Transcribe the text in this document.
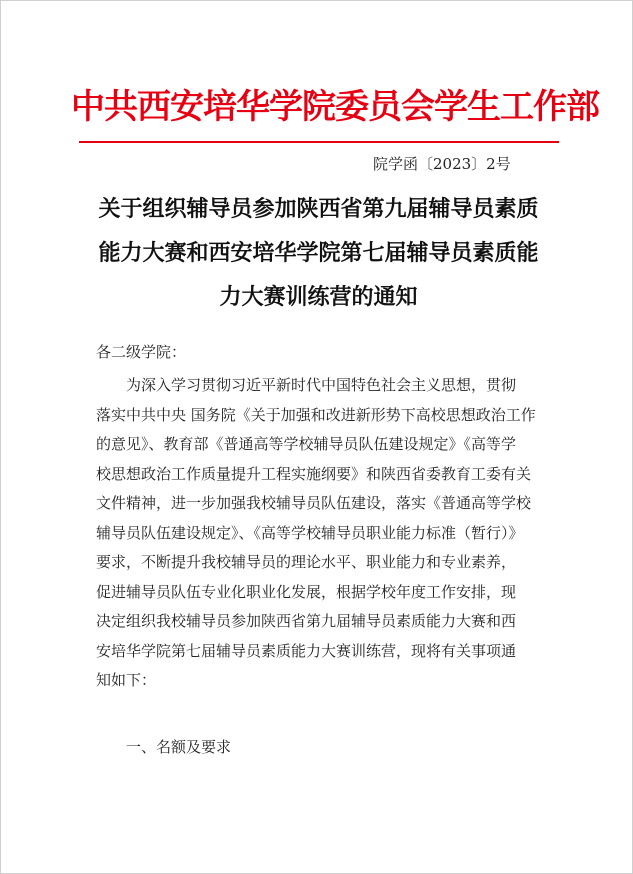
中共西安培华学院委员会学生工作部
院学函〔2023〕2号
关于组织辅导员参加陕西省第九届辅导员素质
能力大赛和西安培华学院第七届辅导员素质能
力大赛训练营的通知
各二级学院：
　　为深入学习贯彻习近平新时代中国特色社会主义思想，贯彻
落实中共中央 国务院《关于加强和改进新形势下高校思想政治工作
的意见》、教育部《普通高等学校辅导员队伍建设规定》《高等学
校思想政治工作质量提升工程实施纲要》和陕西省委教育工委有关
文件精神，进一步加强我校辅导员队伍建设，落实《普通高等学校
辅导员队伍建设规定》、《高等学校辅导员职业能力标准（暂行）》
要求，不断提升我校辅导员的理论水平、职业能力和专业素养，
促进辅导员队伍专业化职业化发展，根据学校年度工作安排，现
决定组织我校辅导员参加陕西省第九届辅导员素质能力大赛和西
安培华学院第七届辅导员素质能力大赛训练营，现将有关事项通
知如下：
一、名额及要求
